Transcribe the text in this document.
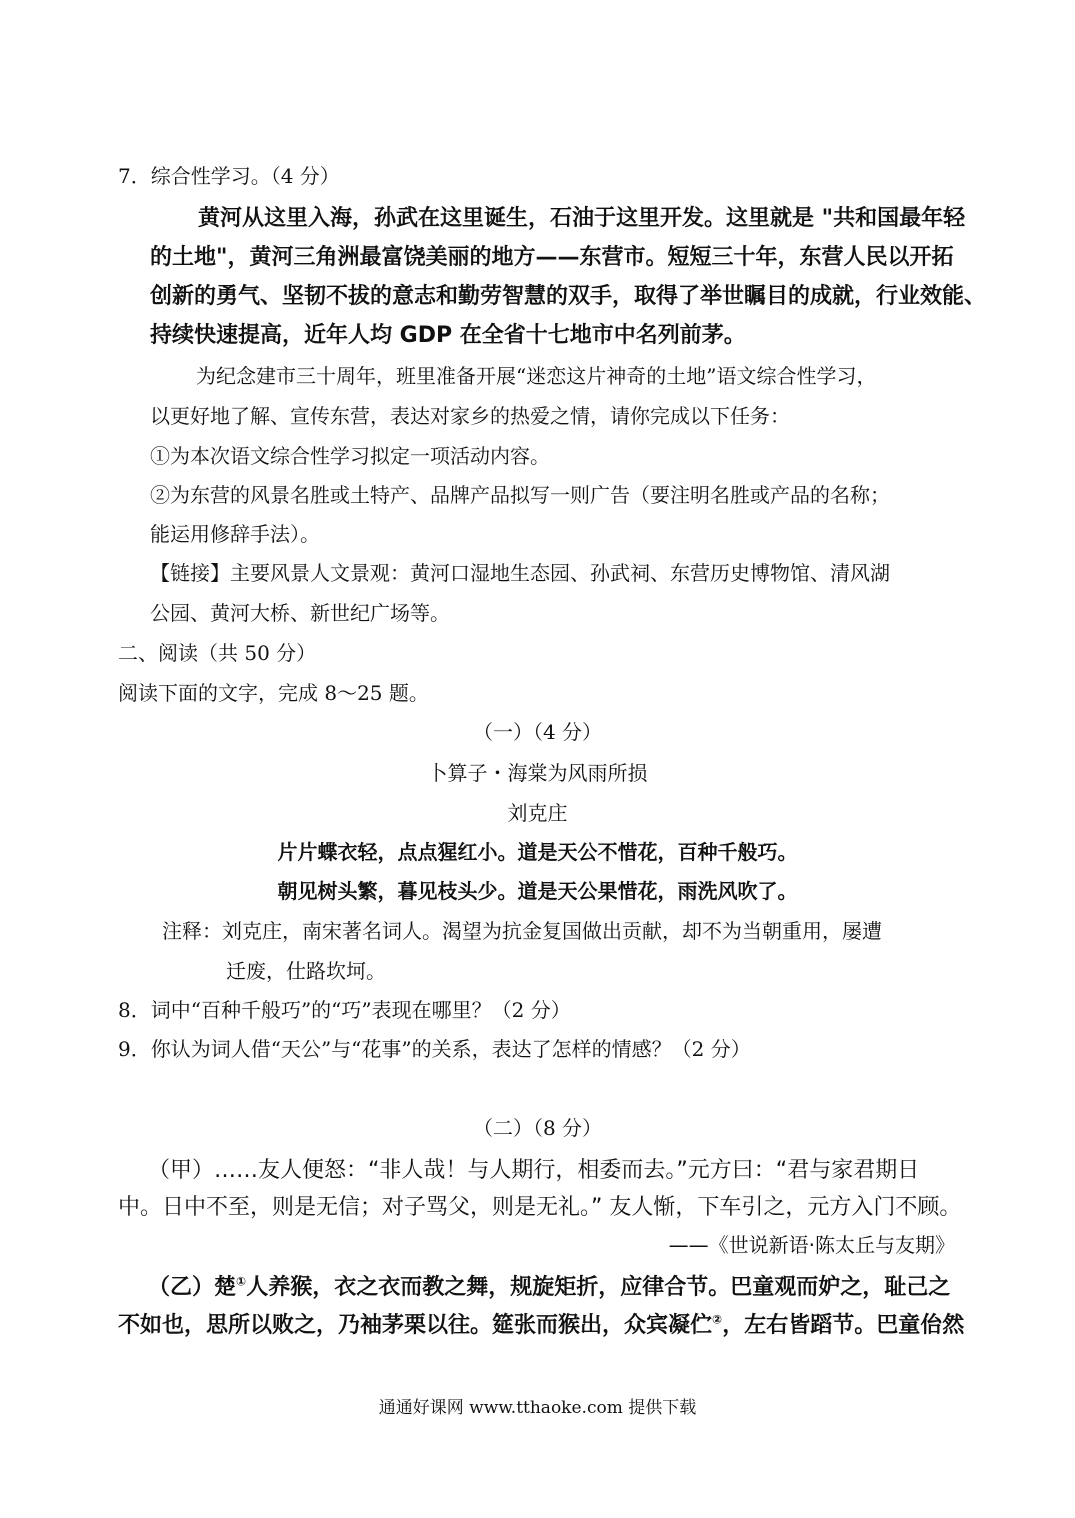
7．综合性学习。（4 分）
黄河从这里入海，孙武在这里诞生，石油于这里开发。这里就是 "共和国最年轻
的土地"，黄河三角洲最富饶美丽的地方——东营市。短短三十年，东营人民以开拓
创新的勇气、坚韧不拔的意志和勤劳智慧的双手，取得了举世瞩目的成就，行业效能、
持续快速提高，近年人均 GDP 在全省十七地市中名列前茅。
为纪念建市三十周年，班里准备开展“迷恋这片神奇的土地”语文综合性学习，
以更好地了解、宣传东营，表达对家乡的热爱之情，请你完成以下任务：
①为本次语文综合性学习拟定一项活动内容。
②为东营的风景名胜或土特产、品牌产品拟写一则广告（要注明名胜或产品的名称；
能运用修辞手法）。
【链接】主要风景人文景观：黄河口湿地生态园、孙武祠、东营历史博物馆、清风湖
公园、黄河大桥、新世纪广场等。
二、阅读（共 50 分）
阅读下面的文字，完成 8～25 题。
（一）（4 分）
卜算子・海棠为风雨所损
刘克庄
片片蝶衣轻，点点猩红小。道是天公不惜花，百种千般巧。
朝见树头繁，暮见枝头少。道是天公果惜花，雨洗风吹了。
注释：刘克庄，南宋著名词人。渴望为抗金复国做出贡献，却不为当朝重用，屡遭
迁废，仕路坎坷。
8．词中“百种千般巧”的“巧”表现在哪里？（2 分）
9．你认为词人借“天公”与“花事”的关系，表达了怎样的情感？（2 分）
（二）（8 分）
（甲）……友人便怒：“非人哉！与人期行，相委而去。”元方曰：“君与家君期日
中。日中不至，则是无信；对子骂父，则是无礼。” 友人惭，下车引之，元方入门不顾。
——《世说新语·陈太丘与友期》
（乙）楚①人养猴，衣之衣而教之舞，规旋矩折，应律合节。巴童观而妒之，耻己之
不如也，思所以败之，乃袖茅栗以往。筵张而猴出，众宾凝伫②，左右皆蹈节。巴童佁然
通通好课网 www.tthaoke.com 提供下载
